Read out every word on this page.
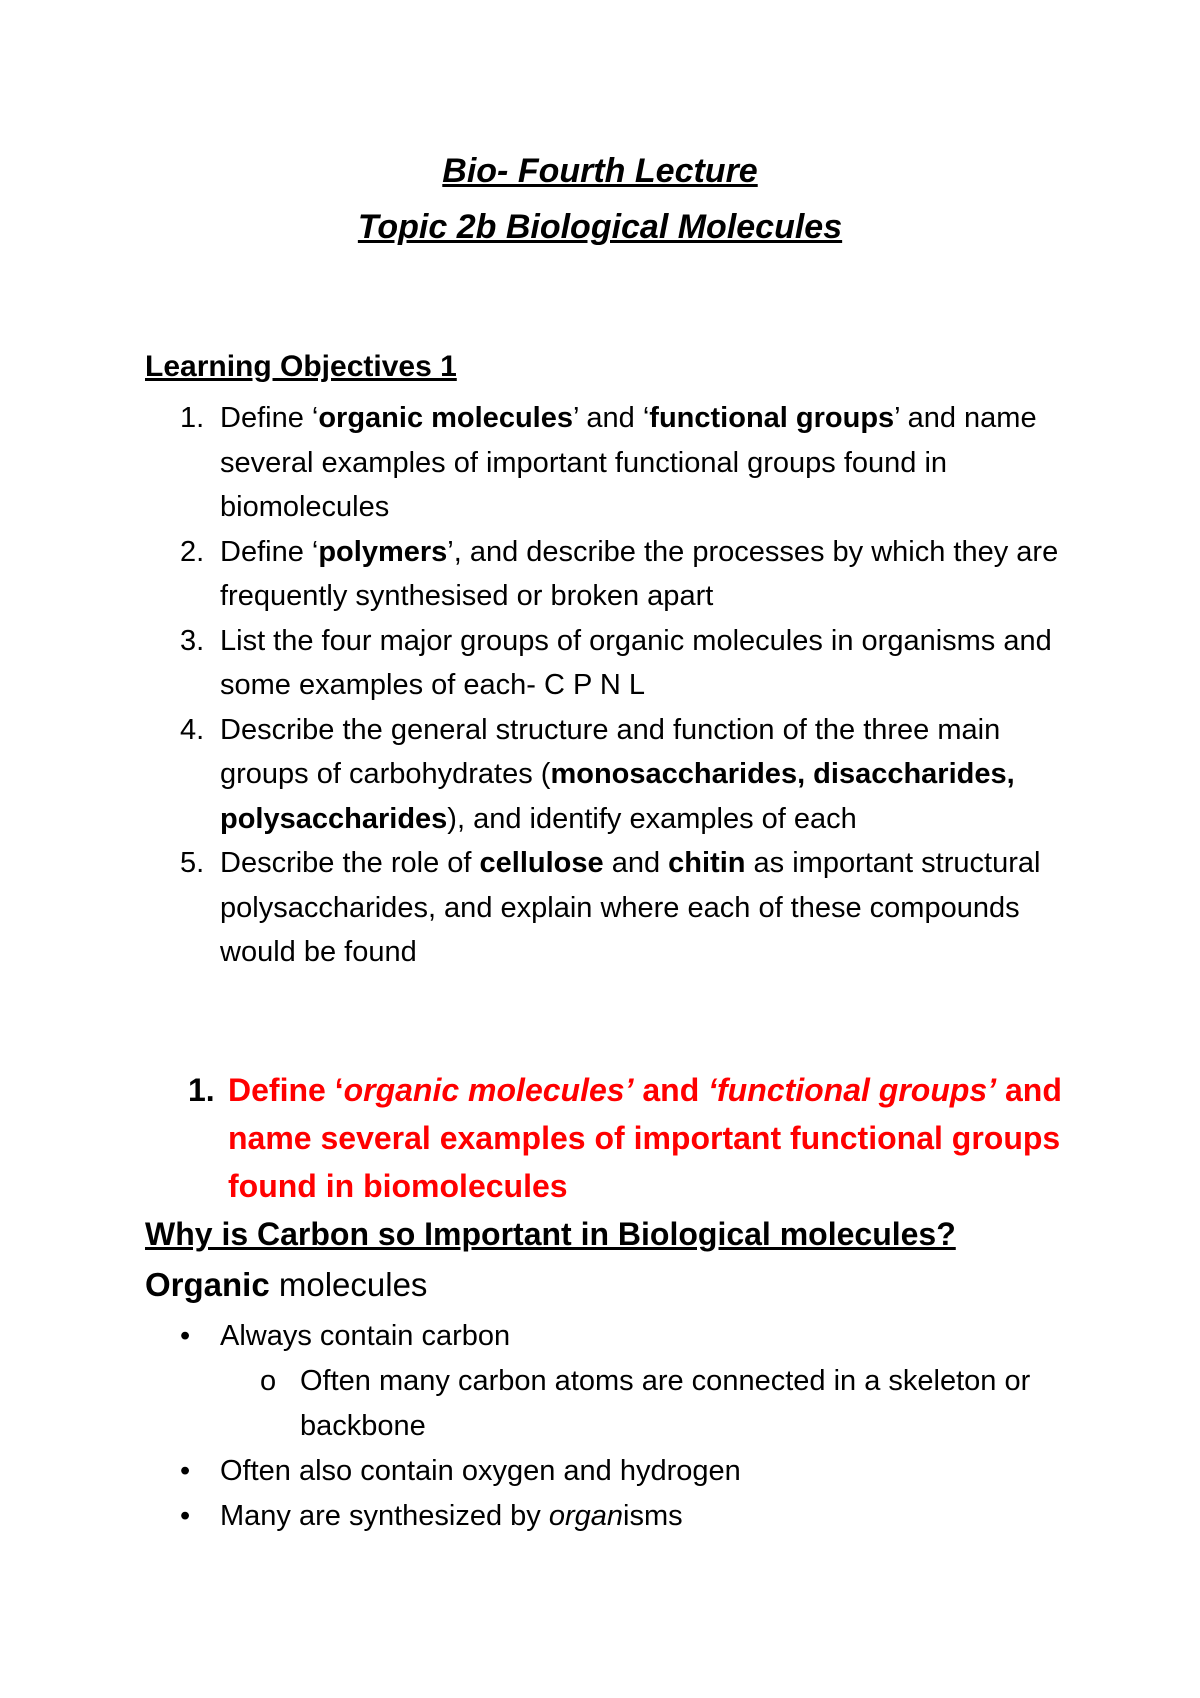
Bio- Fourth Lecture
Topic 2b Biological Molecules
Learning Objectives 1
1. Define ‘organic molecules’ and ‘functional groups’ and name several examples of important functional groups found in biomolecules
2. Define ‘polymers’, and describe the processes by which they are frequently synthesised or broken apart
3. List the four major groups of organic molecules in organisms and some examples of each- C P N L
4. Describe the general structure and function of the three main groups of carbohydrates (monosaccharides, disaccharides, polysaccharides), and identify examples of each
5. Describe the role of cellulose and chitin as important structural polysaccharides, and explain where each of these compounds would be found
1. Define ‘organic molecules’ and ‘functional groups’ and name several examples of important functional groups found in biomolecules
Why is Carbon so Important in Biological molecules?
Organic molecules
•	Always contain carbon
o Often many carbon atoms are connected in a skeleton or backbone
•	Often also contain oxygen and hydrogen
•	Many are synthesized by organisms
